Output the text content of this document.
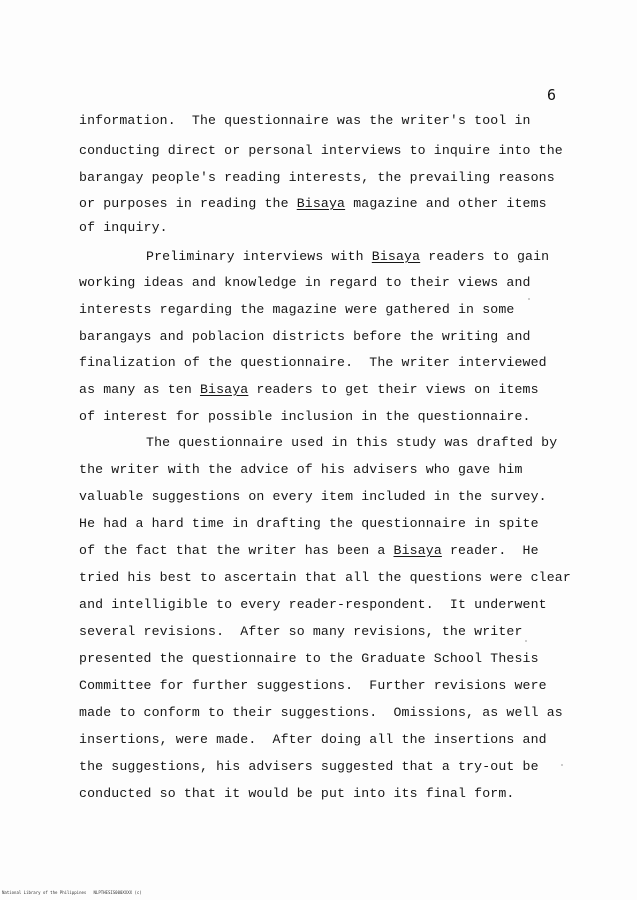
6
information.  The questionnaire was the writer's tool in
conducting direct or personal interviews to inquire into the
barangay people's reading interests, the prevailing reasons
or purposes in reading the Bisaya magazine and other items
of inquiry.
Preliminary interviews with Bisaya readers to gain
working ideas and knowledge in regard to their views and
interests regarding the magazine were gathered in some
barangays and poblacion districts before the writing and
finalization of the questionnaire.  The writer interviewed
as many as ten Bisaya readers to get their views on items
of interest for possible inclusion in the questionnaire.
The questionnaire used in this study was drafted by
the writer with the advice of his advisers who gave him
valuable suggestions on every item included in the survey.
He had a hard time in drafting the questionnaire in spite
of the fact that the writer has been a Bisaya reader.  He
tried his best to ascertain that all the questions were clear
and intelligible to every reader-respondent.  It underwent
several revisions.  After so many revisions, the writer
presented the questionnaire to the Graduate School Thesis
Committee for further suggestions.  Further revisions were
made to conform to their suggestions.  Omissions, as well as
insertions, were made.  After doing all the insertions and
the suggestions, his advisers suggested that a try-out be
conducted so that it would be put into its final form.
National Library of the Philippines   NLPTHESIS000XXXX (c)
